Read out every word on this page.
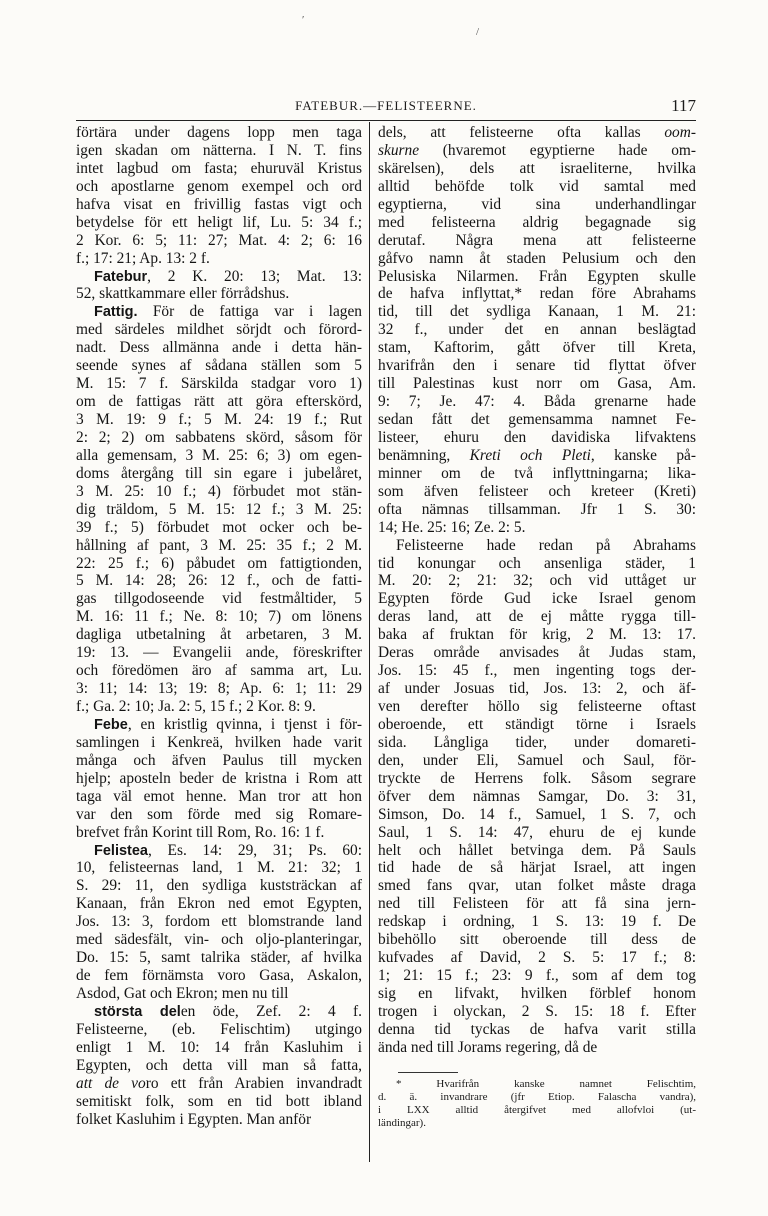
FATEBUR.—FELISTEERNE.	117
′
/
förtära under dagens lopp men taga
igen skadan om nätterna. I N. T. fins
intet lagbud om fasta; ehuruväl Kristus
och apostlarne genom exempel och ord
hafva visat en frivillig fastas vigt och
betydelse för ett heligt lif, Lu. 5: 34 f.;
2 Kor. 6: 5; 11: 27; Mat. 4: 2; 6: 16
f.; 17: 21; Ap. 13: 2 f.
Fatebur, 2 K. 20: 13; Mat. 13:
52, skattkammare eller förrådshus.
Fattig. För de fattiga var i lagen
med särdeles mildhet sörjdt och förord-
nadt. Dess allmänna ande i detta hän-
seende synes af sådana ställen som 5
M. 15: 7 f. Särskilda stadgar voro 1)
om de fattigas rätt att göra efterskörd,
3 M. 19: 9 f.; 5 M. 24: 19 f.; Rut
2: 2; 2) om sabbatens skörd, såsom för
alla gemensam, 3 M. 25: 6; 3) om egen-
doms återgång till sin egare i jubelåret,
3 M. 25: 10 f.; 4) förbudet mot stän-
dig träldom, 5 M. 15: 12 f.; 3 M. 25:
39 f.; 5) förbudet mot ocker och be-
hållning af pant, 3 M. 25: 35 f.; 2 M.
22: 25 f.; 6) påbudet om fattigtionden,
5 M. 14: 28; 26: 12 f., och de fatti-
gas tillgodoseende vid festmåltider, 5
M. 16: 11 f.; Ne. 8: 10; 7) om lönens
dagliga utbetalning åt arbetaren, 3 M.
19: 13. — Evangelii ande, föreskrifter
och föredömen äro af samma art, Lu.
3: 11; 14: 13; 19: 8; Ap. 6: 1; 11: 29
f.; Ga. 2: 10; Ja. 2: 5, 15 f.; 2 Kor. 8: 9.
Febe, en kristlig qvinna, i tjenst i för-
samlingen i Kenkreä, hvilken hade varit
många och äfven Paulus till mycken
hjelp; aposteln beder de kristna i Rom att
taga väl emot henne. Man tror att hon
var den som förde med sig Romare-
brefvet från Korint till Rom, Ro. 16: 1 f.
Felistea, Es. 14: 29, 31; Ps. 60:
10, felisteernas land, 1 M. 21: 32; 1
S. 29: 11, den sydliga kuststräckan af
Kanaan, från Ekron ned emot Egypten,
Jos. 13: 3, fordom ett blomstrande land
med sädesfält, vin- och oljo-planteringar,
Do. 15: 5, samt talrika städer, af hvilka
de fem förnämsta voro Gasa, Askalon,
Asdod, Gat och Ekron; men nu till
största delen öde, Zef. 2: 4 f.
Felisteerne, (eb. Felischtim) utgingo
enligt 1 M. 10: 14 från Kasluhim i
Egypten, och detta vill man så fatta,
att de voro ett från Arabien invandradt
semitiskt folk, som en tid bott ibland
folket Kasluhim i Egypten. Man anför
dels, att felisteerne ofta kallas oom-
skurne (hvaremot egyptierne hade om-
skärelsen), dels att israeliterne, hvilka
alltid behöfde tolk vid samtal med
egyptierna, vid sina underhandlingar
med felisteerna aldrig begagnade sig
derutaf. Några mena att felisteerne
gåfvo namn åt staden Pelusium och den
Pelusiska Nilarmen. Från Egypten skulle
de hafva inflyttat,* redan före Abrahams
tid, till det sydliga Kanaan, 1 M. 21:
32 f., under det en annan beslägtad
stam, Kaftorim, gått öfver till Kreta,
hvarifrån den i senare tid flyttat öfver
till Palestinas kust norr om Gasa, Am.
9: 7; Je. 47: 4. Båda grenarne hade
sedan fått det gemensamma namnet Fe-
listeer, ehuru den davidiska lifvaktens
benämning, Kreti och Pleti, kanske på-
minner om de två inflyttningarna; lika-
som äfven felisteer och kreteer (Kreti)
ofta nämnas tillsamman. Jfr 1 S. 30:
14; He. 25: 16; Ze. 2: 5.
Felisteerne hade redan på Abrahams
tid konungar och ansenliga städer, 1
M. 20: 2; 21: 32; och vid uttåget ur
Egypten förde Gud icke Israel genom
deras land, att de ej måtte rygga till-
baka af fruktan för krig, 2 M. 13: 17.
Deras område anvisades åt Judas stam,
Jos. 15: 45 f., men ingenting togs der-
af under Josuas tid, Jos. 13: 2, och äf-
ven derefter höllo sig felisteerne oftast
oberoende, ett ständigt törne i Israels
sida. Långliga tider, under domareti-
den, under Eli, Samuel och Saul, för-
tryckte de Herrens folk. Såsom segrare
öfver dem nämnas Samgar, Do. 3: 31,
Simson, Do. 14 f., Samuel, 1 S. 7, och
Saul, 1 S. 14: 47, ehuru de ej kunde
helt och hållet betvinga dem. På Sauls
tid hade de så härjat Israel, att ingen
smed fans qvar, utan folket måste draga
ned till Felisteen för att få sina jern-
redskap i ordning, 1 S. 13: 19 f. De
bibehöllo sitt oberoende till dess de
kufvades af David, 2 S. 5: 17 f.; 8:
1; 21: 15 f.; 23: 9 f., som af dem tog
sig en lifvakt, hvilken förblef honom
trogen i olyckan, 2 S. 15: 18 f. Efter
denna tid tyckas de hafva varit stilla
ända ned till Jorams regering, då de
* Hvarifrån kanske namnet Felischtim,
d. ä. invandrare (jfr Etiop. Falascha vandra),
i LXX alltid återgifvet med allofvloi (ut-
ländingar).
